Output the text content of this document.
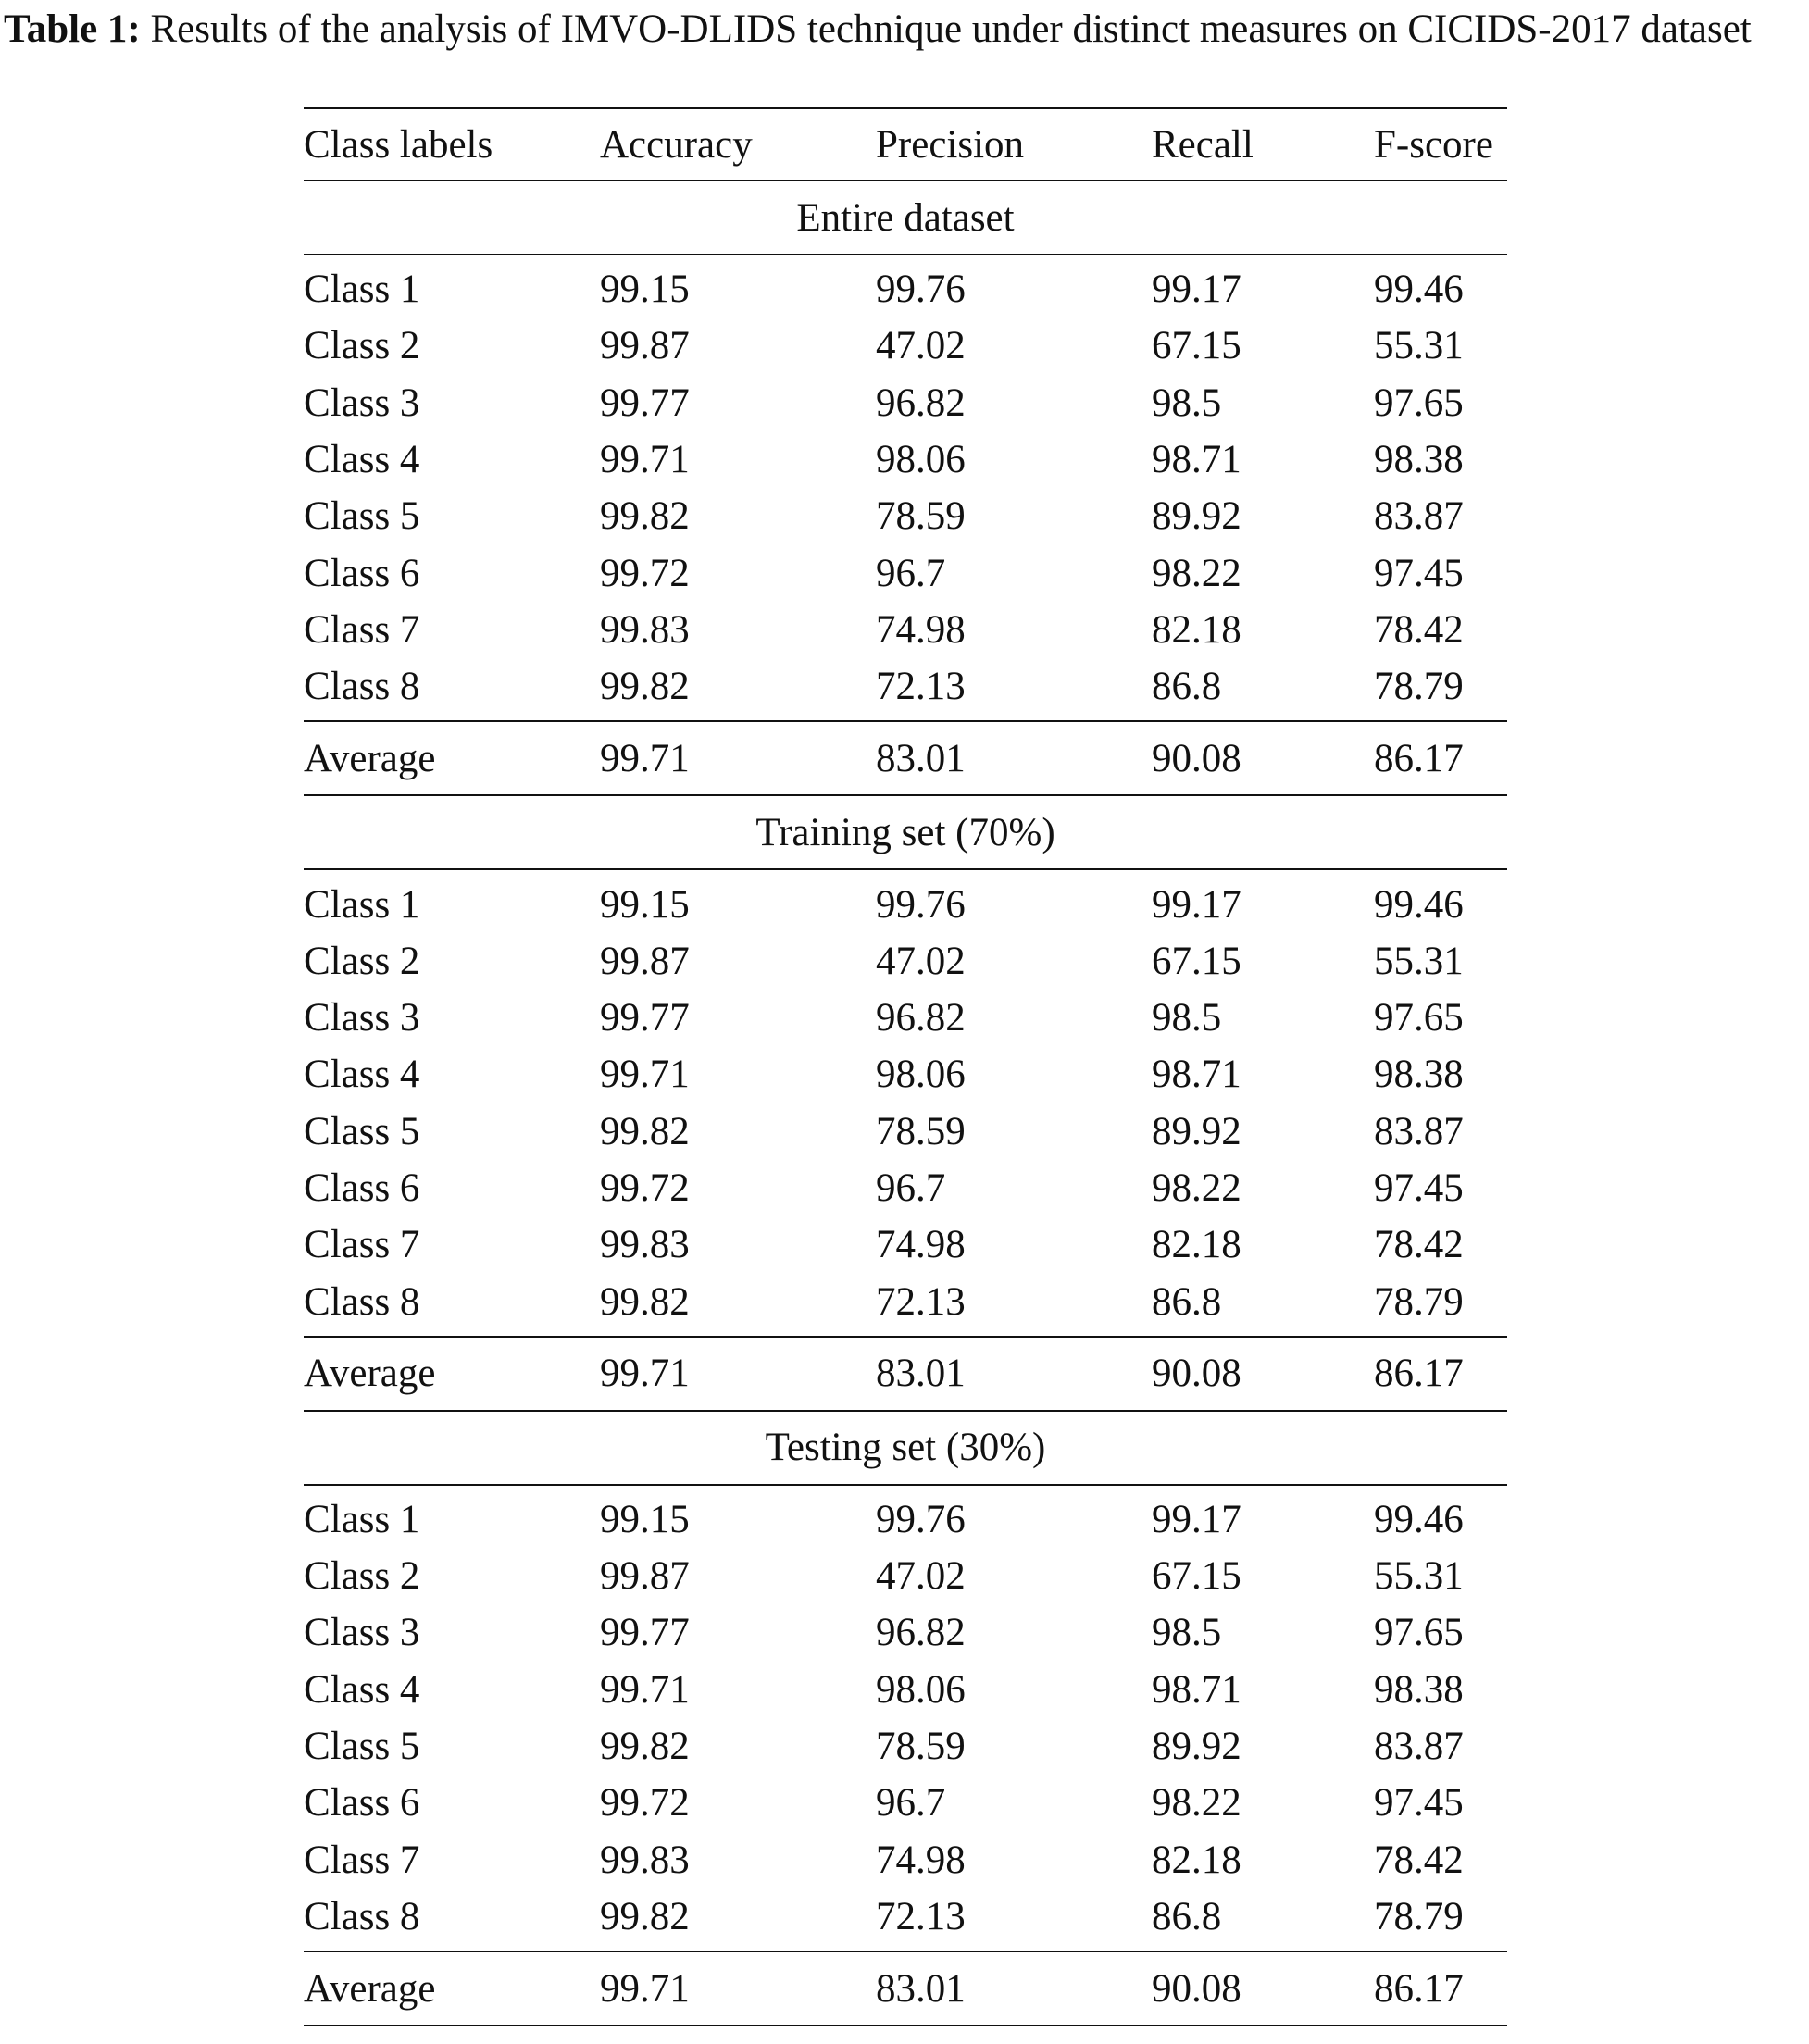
Table 1: Results of the analysis of IMVO-DLIDS technique under distinct measures on CICIDS-2017 dataset
Class labels	Accuracy	Precision	Recall	F-score
Entire dataset				
Class 1	99.15	99.76	99.17	99.46
Class 2	99.87	47.02	67.15	55.31
Class 3	99.77	96.82	98.5	97.65
Class 4	99.71	98.06	98.71	98.38
Class 5	99.82	78.59	89.92	83.87
Class 6	99.72	96.7	98.22	97.45
Class 7	99.83	74.98	82.18	78.42
Class 8	99.82	72.13	86.8	78.79
Average	99.71	83.01	90.08	86.17
Training set (70%)				
Class 1	99.15	99.76	99.17	99.46
Class 2	99.87	47.02	67.15	55.31
Class 3	99.77	96.82	98.5	97.65
Class 4	99.71	98.06	98.71	98.38
Class 5	99.82	78.59	89.92	83.87
Class 6	99.72	96.7	98.22	97.45
Class 7	99.83	74.98	82.18	78.42
Class 8	99.82	72.13	86.8	78.79
Average	99.71	83.01	90.08	86.17
Testing set (30%)				
Class 1	99.15	99.76	99.17	99.46
Class 2	99.87	47.02	67.15	55.31
Class 3	99.77	96.82	98.5	97.65
Class 4	99.71	98.06	98.71	98.38
Class 5	99.82	78.59	89.92	83.87
Class 6	99.72	96.7	98.22	97.45
Class 7	99.83	74.98	82.18	78.42
Class 8	99.82	72.13	86.8	78.79
Average	99.71	83.01	90.08	86.17
